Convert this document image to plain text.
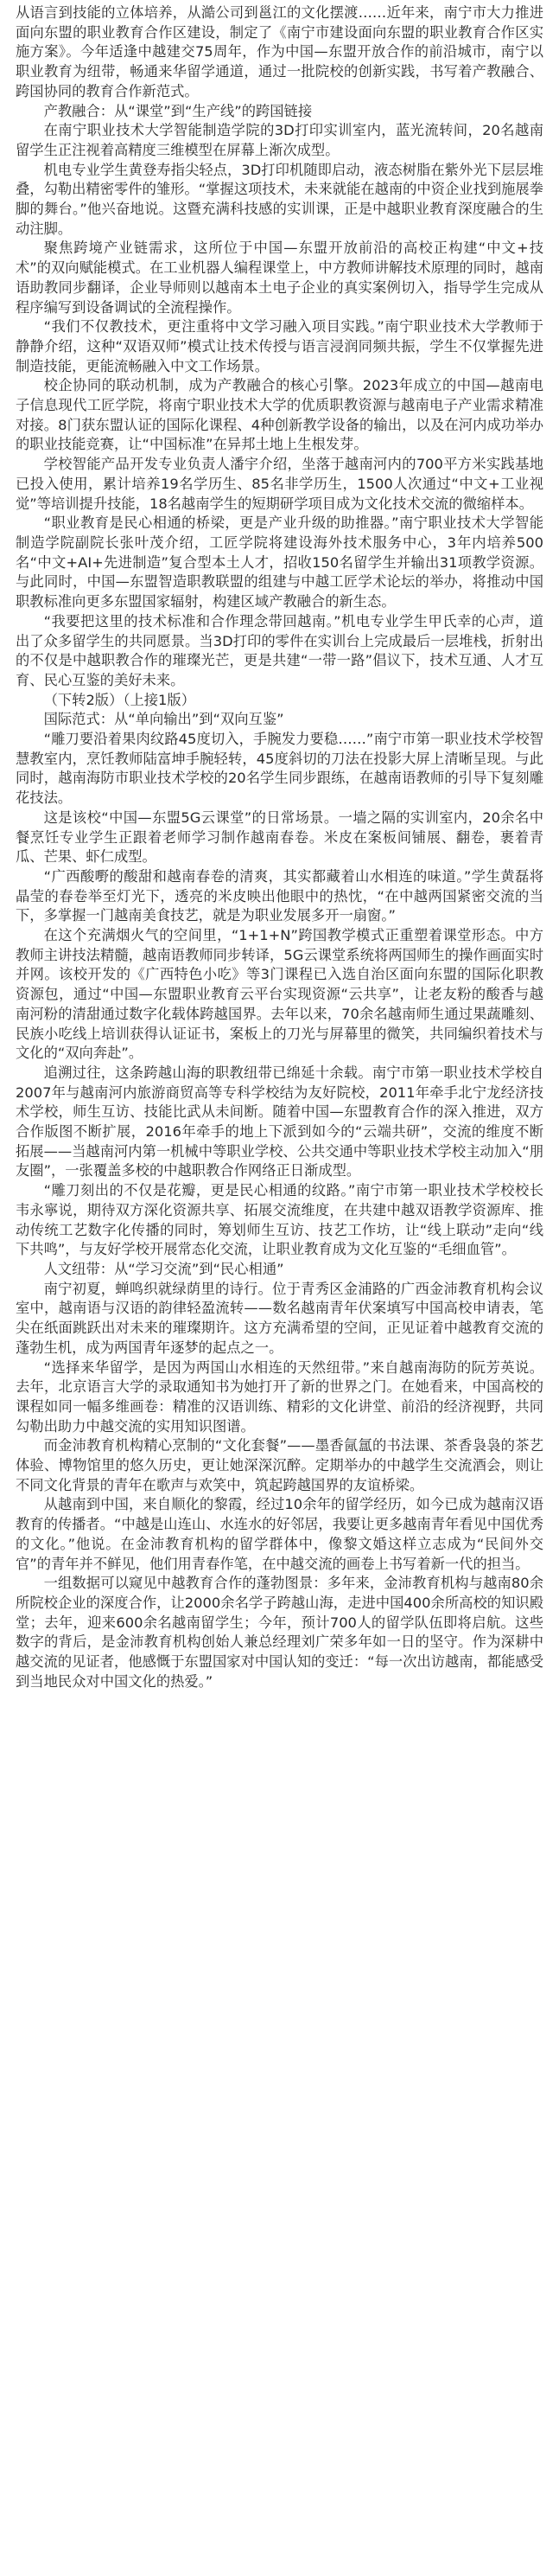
从语言到技能的立体培养，从澔公司到邕江的文化摆渡……近年来，南宁市大力推进面向东盟的职业教育合作区建设，制定了《南宁市建设面向东盟的职业教育合作区实施方案》。今年适逢中越建交75周年，作为中国—东盟开放合作的前沿城市，南宁以职业教育为纽带，畅通来华留学通道，通过一批院校的创新实践，书写着产教融合、跨国协同的教育合作新范式。

产教融合：从“课堂”到“生产线”的跨国链接

在南宁职业技术大学智能制造学院的3D打印实训室内，蓝光流转间，20名越南留学生正注视着高精度三维模型在屏幕上渐次成型。

机电专业学生黄登寿指尖轻点，3D打印机随即启动，液态树脂在紫外光下层层堆叠，勾勒出精密零件的雏形。“掌握这项技术，未来就能在越南的中资企业找到施展拳脚的舞台。”他兴奋地说。这暨充满科技感的实训课，正是中越职业教育深度融合的生动注脚。

聚焦跨境产业链需求，这所位于中国—东盟开放前沿的高校正构建“中文+技术”的双向赋能模式。在工业机器人编程课堂上，中方教师讲解技术原理的同时，越南语助教同步翻译，企业导师则以越南本土电子企业的真实案例切入，指导学生完成从程序编写到设备调试的全流程操作。

“我们不仅教技术，更注重将中文学习融入项目实践。”南宁职业技术大学教师于静静介绍，这种“双语双师”模式让技术传授与语言浸润同频共振，学生不仅掌握先进制造技能，更能流畅融入中文工作场景。

校企协同的联动机制，成为产教融合的核心引擎。2023年成立的中国—越南电子信息现代工匠学院，将南宁职业技术大学的优质职教资源与越南电子产业需求精准对接。8门获东盟认证的国际化课程、4种创新教学设备的输出，以及在河内成功举办的职业技能竞赛，让“中国标准”在异邦土地上生根发芽。

学校智能产品开发专业负责人潘宇介绍，坐落于越南河内的700平方米实践基地已投入使用，累计培养19名学历生、85名非学历生，1500人次通过“中文+工业视觉”等培训提升技能，18名越南学生的短期研学项目成为文化技术交流的微缩样本。

“职业教育是民心相通的桥梁，更是产业升级的助推器。”南宁职业技术大学智能制造学院副院长张叶茂介绍，工匠学院将建设海外技术服务中心，3年内培养500名“中文+AI+先进制造”复合型本土人才，招收150名留学生并输出31项教学资源。与此同时，中国—东盟智造职教联盟的组建与中越工匠学术论坛的举办，将推动中国职教标准向更多东盟国家辐射，构建区域产教融合的新生态。

“我要把这里的技术标准和合作理念带回越南。”机电专业学生甲氏幸的心声，道出了众多留学生的共同愿景。当3D打印的零件在实训台上完成最后一层堆栈，折射出的不仅是中越职教合作的璀璨光芒，更是共建“一带一路”倡议下，技术互通、人才互育、民心互鉴的美好未来。

（下转2版）（上接1版）

国际范式：从“单向输出”到“双向互鉴”

“雕刀要沿着果肉纹路45度切入，手腕发力要稳……”南宁市第一职业技术学校智慧教室内，烹饪教师陆富坤手腕轻转，45度斜切的刀法在投影大屏上清晰呈现。与此同时，越南海防市职业技术学校的20名学生同步跟练，在越南语教师的引导下复刻雕花技法。

这是该校“中国—东盟5G云课堂”的日常场景。一墙之隔的实训室内，20余名中餐烹饪专业学生正跟着老师学习制作越南春卷。米皮在案板间铺展、翻卷，裹着青瓜、芒果、虾仁成型。

“广西酸嘢的酸甜和越南春卷的清爽，其实都藏着山水相连的味道。”学生黄磊将晶莹的春卷举至灯光下，透亮的米皮映出他眼中的热忱，“在中越两国紧密交流的当下，多掌握一门越南美食技艺，就是为职业发展多开一扇窗。”

在这个充满烟火气的空间里，“1+1+N”跨国教学模式正重塑着课堂形态。中方教师主讲技法精髓，越南语教师同步转译，5G云课堂系统将两国师生的操作画面实时并网。该校开发的《广西特色小吃》等3门课程已入选自治区面向东盟的国际化职教资源包，通过“中国—东盟职业教育云平台实现资源“云共享”，让老友粉的酸香与越南河粉的清甜通过数字化载体跨越国界。去年以来，70余名越南师生通过果蔬雕刻、民族小吃线上培训获得认证证书，案板上的刀光与屏幕里的微笑，共同编织着技术与文化的“双向奔赴”。

追溯过往，这条跨越山海的职教纽带已绵延十余载。南宁市第一职业技术学校自2007年与越南河内旅游商贸高等专科学校结为友好院校，2011年牵手北宁龙经济技术学校，师生互访、技能比武从未间断。随着中国—东盟教育合作的深入推进，双方合作版图不断扩展，2016年牵手的地上下派到如今的“云端共研”，交流的维度不断拓展——当越南河内第一机械中等职业学校、公共交通中等职业技术学校主动加入“朋友圈”，一张覆盖多校的中越职教合作网络正日渐成型。

“雕刀刻出的不仅是花瓣，更是民心相通的纹路。”南宁市第一职业技术学校校长韦永寧说，期待双方深化资源共享、拓展交流维度，在共建中越双语教学资源库、推动传统工艺数字化传播的同时，筹划师生互访、技艺工作坊，让“线上联动”走向“线下共鸣”，与友好学校开展常态化交流，让职业教育成为文化互鉴的“毛细血管”。

人文纽带：从“学习交流”到“民心相通”

南宁初夏，蝉鸣织就绿荫里的诗行。位于青秀区金浦路的广西金沛教育机构会议室中，越南语与汉语的韵律轻盈流转——数名越南青年伏案填写中国高校申请表，笔尖在纸面跳跃出对未来的璀璨期许。这方充满希望的空间，正见证着中越教育交流的蓬勃生机，成为两国青年逐梦的起点之一。

“选择来华留学，是因为两国山水相连的天然纽带。”来自越南海防的阮芳英说。去年，北京语言大学的录取通知书为她打开了新的世界之门。在她看来，中国高校的课程如同一幅多维画卷：精准的汉语训练、精彩的文化讲堂、前沿的经济视野，共同勾勒出助力中越交流的实用知识图谱。

而金沛教育机构精心烹制的“文化套餐”——墨香氤氲的书法课、茶香袅袅的茶艺体验、博物馆里的悠久历史，更让她深深沉醉。定期举办的中越学生交流酒会，则让不同文化背景的青年在歌声与欢笑中，筑起跨越国界的友谊桥梁。

从越南到中国，来自顺化的黎霞，经过10余年的留学经历，如今已成为越南汉语教育的传播者。“中越是山连山、水连水的好邻居，我要让更多越南青年看见中国优秀的文化。”他说。在金沛教育机构的留学群体中，像黎文婚这样立志成为“民间外交官”的青年并不鲜见，他们用青春作笔，在中越交流的画卷上书写着新一代的担当。

一组数据可以窥见中越教育合作的蓬勃图景：多年来，金沛教育机构与越南80余所院校企业的深度合作，让2000余名学子跨越山海，走进中国400余所高校的知识殿堂；去年，迎来600余名越南留学生；今年，预计700人的留学队伍即将启航。这些数字的背后，是金沛教育机构创始人兼总经理刘广荣多年如一日的坚守。作为深耕中越交流的见证者，他感慨于东盟国家对中国认知的变迁：“每一次出访越南，都能感受到当地民众对中国文化的热爱。”
